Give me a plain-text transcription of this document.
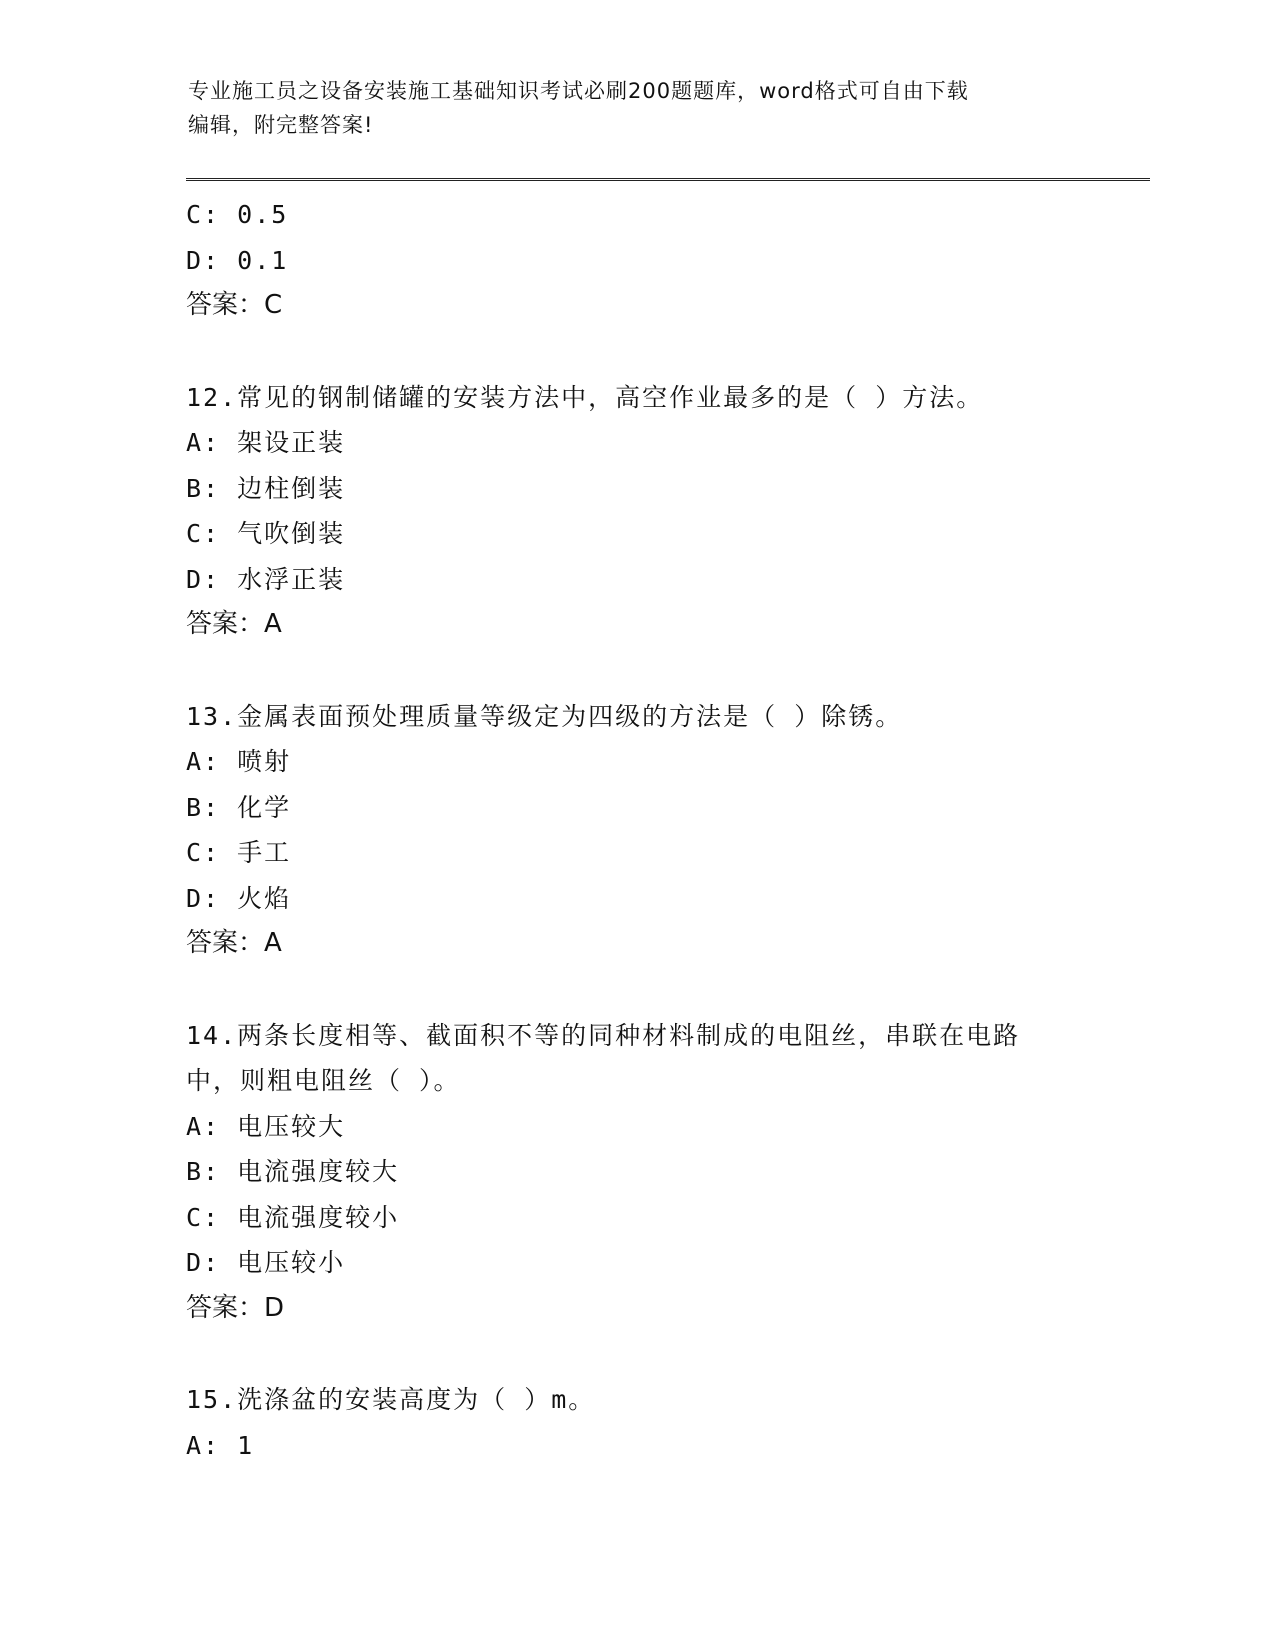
专业施工员之设备安装施工基础知识考试必刷200题题库，word格式可自由下载
编辑，附完整答案!
C: 0.5
D: 0.1
答案：C
12.常见的钢制储罐的安装方法中，高空作业最多的是（ ）方法。
A: 架设正装
B: 边柱倒装
C: 气吹倒装
D: 水浮正装
答案：A
13.金属表面预处理质量等级定为四级的方法是（ ）除锈。
A: 喷射
B: 化学
C: 手工
D: 火焰
答案：A
14.两条长度相等、截面积不等的同种材料制成的电阻丝，串联在电路
中，则粗电阻丝（ ）。
A: 电压较大
B: 电流强度较大
C: 电流强度较小
D: 电压较小
答案：D
15.洗涤盆的安装高度为（ ）m。
A: 1
